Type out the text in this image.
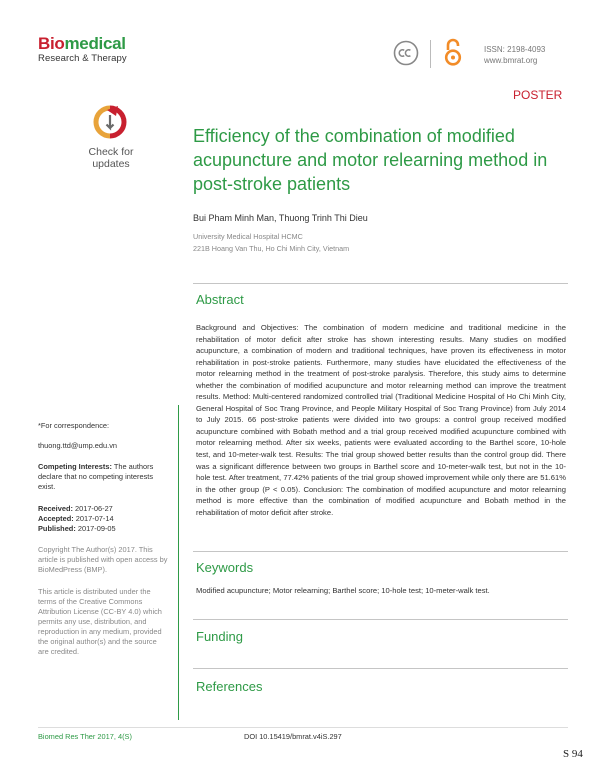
Biomedical
Research & Therapy
ISSN: 2198-4093
www.bmrat.org
POSTER
Check for
updates
Efficiency of the combination of modified acupuncture and motor relearning method in post-stroke patients
Bui Pham Minh Man, Thuong Trinh Thi Dieu
University Medical Hospital HCMC
221B Hoang Van Thu, Ho Chi Minh City, Vietnam
Abstract
Background and Objectives: The combination of modern medicine and traditional medicine in the rehabilitation of motor deficit after stroke has shown interesting results. Many studies on modified acupuncture, a combination of modern and traditional techniques, have proven its effectiveness in motor rehabilitation in post-stroke patients. Furthermore, many studies have elucidated the effectiveness of the motor relearning method in the treatment of post-stroke paralysis. Therefore, this study aims to determine whether the combination of modified acupuncture and motor relearning method can improve the treatment results. Method: Multi-centered randomized controlled trial (Traditional Medicine Hospital of Ho Chi Minh City, General Hospital of Soc Trang Province, and People Military Hospital of Soc Trang Province) from July 2014 to July 2015. 66 post-stroke patients were divided into two groups: a control group received modified acupuncture combined with Bobath method and a trial group received modified acupuncture combined with motor relearning method. After six weeks, patients were evaluated according to the Barthel score, 10-hole test, and 10-meter-walk test. Results: The trial group showed better results than the control group did. There was a significant difference between two groups in Barthel score and 10-meter-walk test, but not in the 10-hole test. After treatment, 77.42% patients of the trial group showed improvement while only there are 51.61% in the other group (P < 0.05). Conclusion: The combination of modified acupuncture and motor relearning method is more effective than the combination of modified acupuncture and Bobath method in the rehabilitation of motor deficit after stroke.
Keywords
Modified acupuncture; Motor relearning; Barthel score; 10-hole test; 10-meter-walk test.
Funding
References
*For correspondence:
thuong.ttd@ump.edu.vn
Competing Interests: The authors declare that no competing interests exist.
Received: 2017-06-27
Accepted: 2017-07-14
Published: 2017-09-05
Copyright The Author(s) 2017. This article is published with open access by BioMedPress (BMP).
This article is distributed under the terms of the Creative Commons Attribution License (CC-BY 4.0) which permits any use, distribution, and reproduction in any medium, provided the original author(s) and the source are credited.
Biomed Res Ther 2017, 4(S)	DOI 10.15419/bmrat.v4iS.297
S 94
